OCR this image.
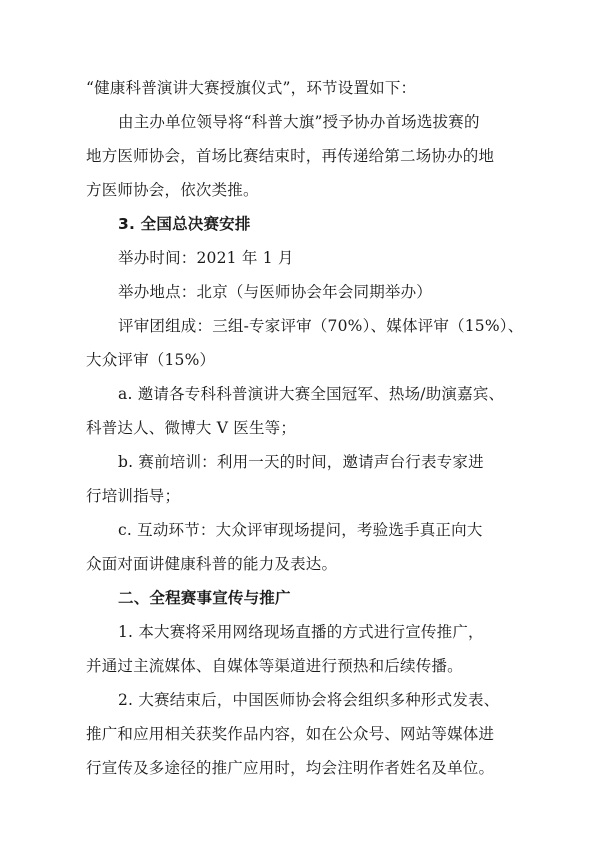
“健康科普演讲大赛授旗仪式”，环节设置如下：
由主办单位领导将“科普大旗”授予协办首场选拔赛的
地方医师协会，首场比赛结束时，再传递给第二场协办的地
方医师协会，依次类推。
3. 全国总决赛安排
举办时间：2021 年 1 月
举办地点：北京（与医师协会年会同期举办）
评审团组成：三组-专家评审（70%）、媒体评审（15%）、
大众评审（15%）
a. 邀请各专科科普演讲大赛全国冠军、热场/助演嘉宾、
科普达人、微博大 V 医生等；
b. 赛前培训：利用一天的时间，邀请声台行表专家进
行培训指导；
c. 互动环节：大众评审现场提问，考验选手真正向大
众面对面讲健康科普的能力及表达。
二、全程赛事宣传与推广
1. 本大赛将采用网络现场直播的方式进行宣传推广，
并通过主流媒体、自媒体等渠道进行预热和后续传播。
2. 大赛结束后，中国医师协会将会组织多种形式发表、
推广和应用相关获奖作品内容，如在公众号、网站等媒体进
行宣传及多途径的推广应用时，均会注明作者姓名及单位。
